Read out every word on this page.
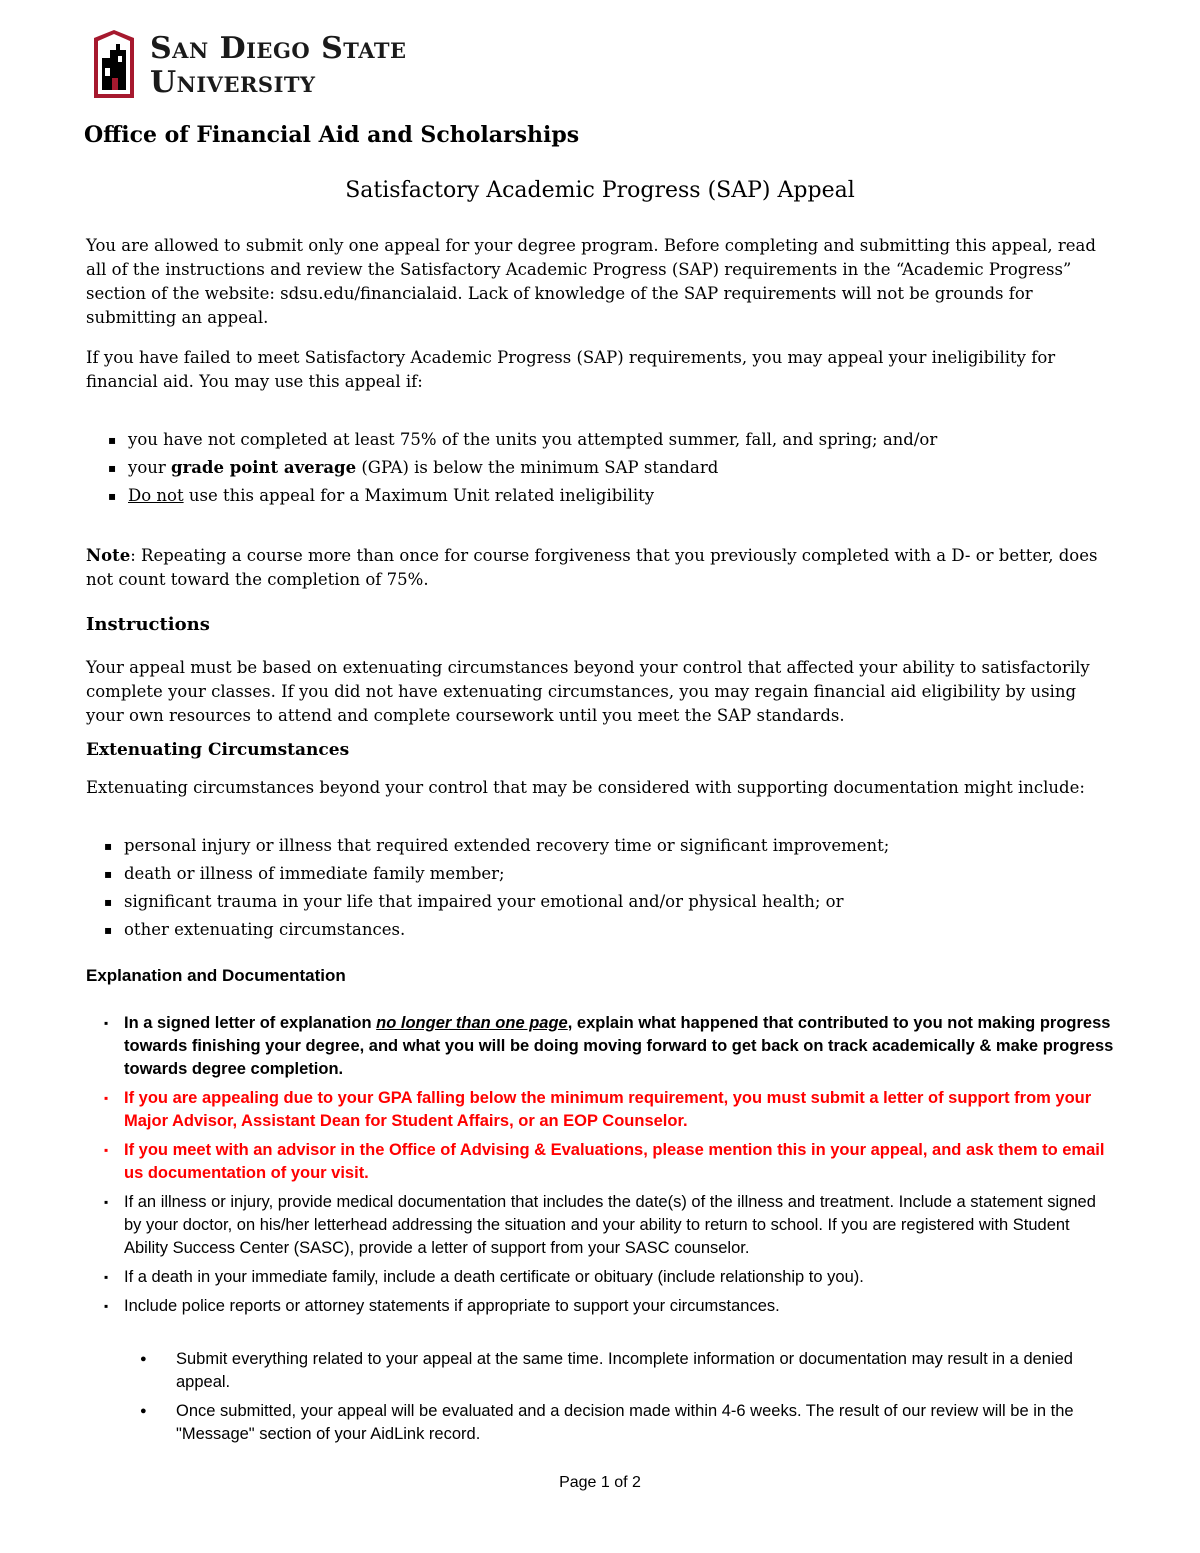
San Diego State
University
Office of Financial Aid and Scholarships
Satisfactory Academic Progress (SAP) Appeal

You are allowed to submit only one appeal for your degree program. Before completing and submitting this appeal, read all of the instructions and review the Satisfactory Academic Progress (SAP) requirements in the “Academic Progress” section of the website: sdsu.edu/financialaid. Lack of knowledge of the SAP requirements will not be grounds for submitting an appeal.

If you have failed to meet Satisfactory Academic Progress (SAP) requirements, you may appeal your ineligibility for financial aid. You may use this appeal if:

▪ you have not completed at least 75% of the units you attempted summer, fall, and spring; and/or
▪ your grade point average (GPA) is below the minimum SAP standard
▪ Do not use this appeal for a Maximum Unit related ineligibility

Note: Repeating a course more than once for course forgiveness that you previously completed with a D- or better, does not count toward the completion of 75%.

Instructions

Your appeal must be based on extenuating circumstances beyond your control that affected your ability to satisfactorily complete your classes. If you did not have extenuating circumstances, you may regain financial aid eligibility by using your own resources to attend and complete coursework until you meet the SAP standards.

Extenuating Circumstances

Extenuating circumstances beyond your control that may be considered with supporting documentation might include:

▪ personal injury or illness that required extended recovery time or significant improvement;
▪ death or illness of immediate family member;
▪ significant trauma in your life that impaired your emotional and/or physical health; or
▪ other extenuating circumstances.
Explanation and Documentation
▪ In a signed letter of explanation no longer than one page, explain what happened that contributed to you not making progress towards finishing your degree, and what you will be doing moving forward to get back on track academically & make progress towards degree completion.
▪ If you are appealing due to your GPA falling below the minimum requirement, you must submit a letter of support from your Major Advisor, Assistant Dean for Student Affairs, or an EOP Counselor.
▪ If you meet with an advisor in the Office of Advising & Evaluations, please mention this in your appeal, and ask them to email us documentation of your visit.
▪ If an illness or injury, provide medical documentation that includes the date(s) of the illness and treatment. Include a statement signed by your doctor, on his/her letterhead addressing the situation and your ability to return to school. If you are registered with Student Ability Success Center (SASC), provide a letter of support from your SASC counselor.
▪ If a death in your immediate family, include a death certificate or obituary (include relationship to you).
▪ Include police reports or attorney statements if appropriate to support your circumstances.
● Submit everything related to your appeal at the same time. Incomplete information or documentation may result in a denied appeal.
● Once submitted, your appeal will be evaluated and a decision made within 4-6 weeks. The result of our review will be in the "Message" section of your AidLink record.
Page 1 of 2
